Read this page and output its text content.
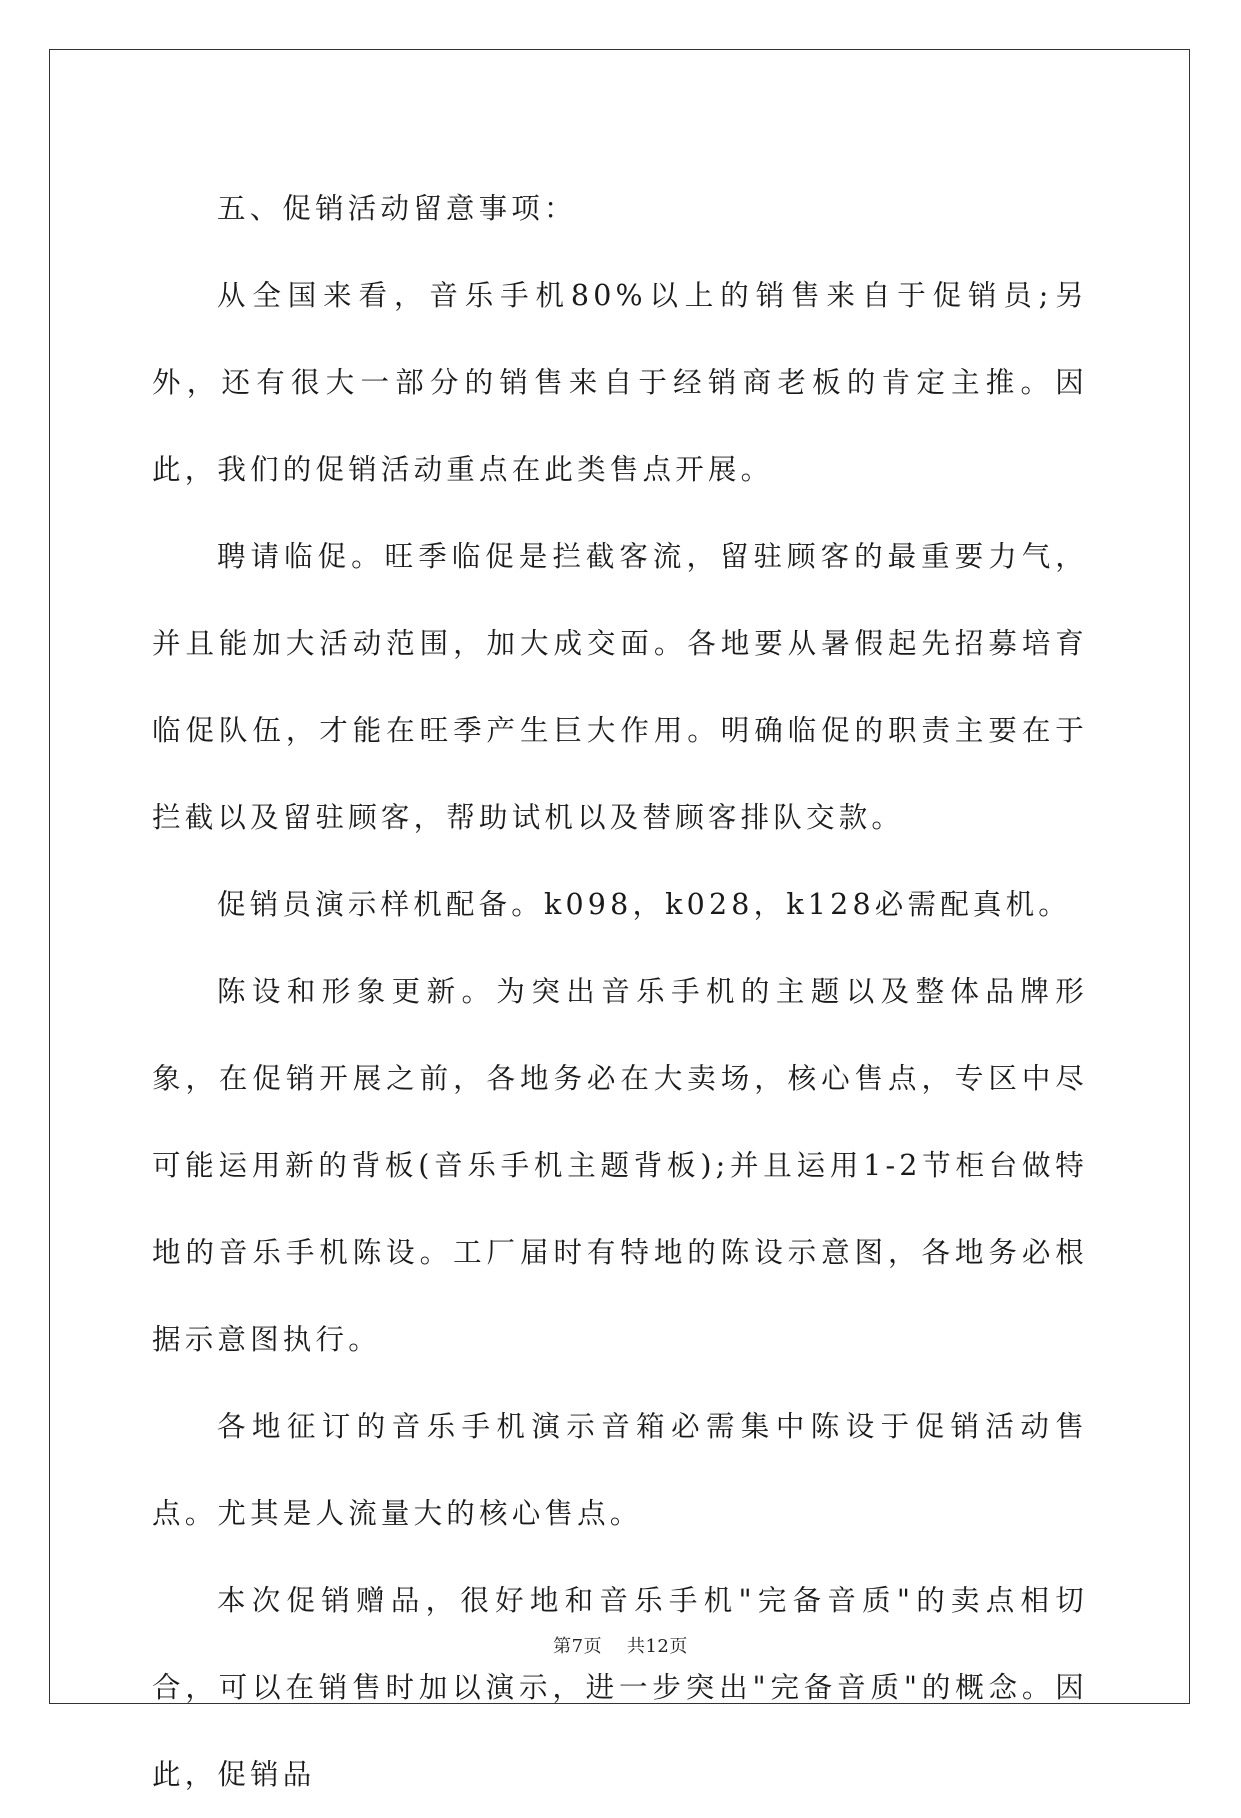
五、促销活动留意事项：

从全国来看，音乐手机80%以上的销售来自于促销员;另外，还有很大一部分的销售来自于经销商老板的肯定主推。因此，我们的促销活动重点在此类售点开展。

聘请临促。旺季临促是拦截客流，留驻顾客的最重要力气，并且能加大活动范围，加大成交面。各地要从暑假起先招募培育临促队伍，才能在旺季产生巨大作用。明确临促的职责主要在于拦截以及留驻顾客，帮助试机以及替顾客排队交款。

促销员演示样机配备。k098，k028，k128必需配真机。

陈设和形象更新。为突出音乐手机的主题以及整体品牌形象，在促销开展之前，各地务必在大卖场，核心售点，专区中尽可能运用新的背板(音乐手机主题背板);并且运用1-2节柜台做特地的音乐手机陈设。工厂届时有特地的陈设示意图，各地务必根据示意图执行。

各地征订的音乐手机演示音箱必需集中陈设于促销活动售点。尤其是人流量大的核心售点。

本次促销赠品，很好地和音乐手机"完备音质"的卖点相切合，可以在销售时加以演示，进一步突出"完备音质"的概念。因此，促销品

第7页 共12页
